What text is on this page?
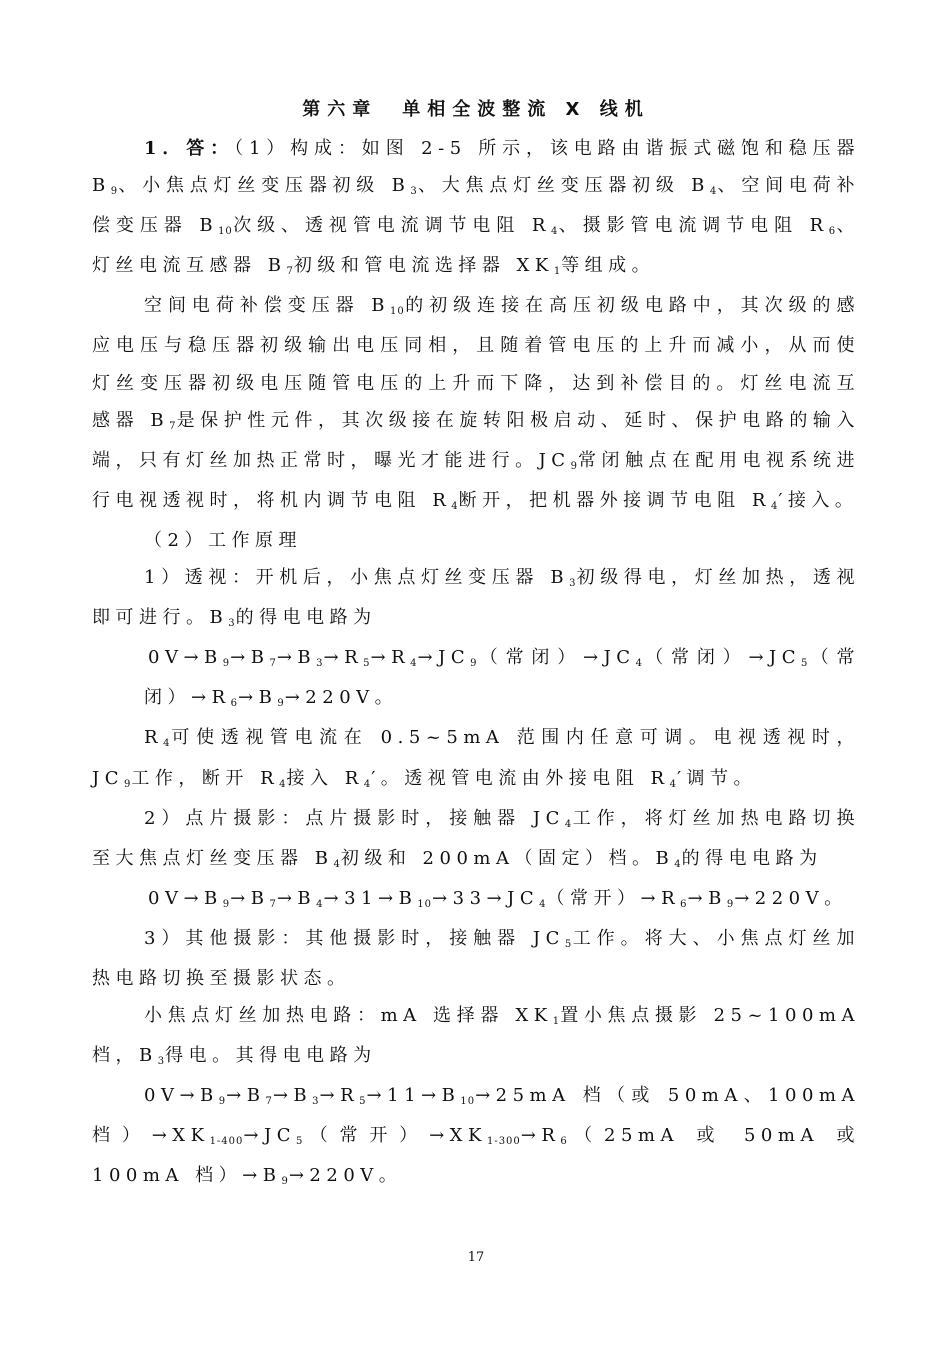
第六章　单相全波整流 X 线机

1．答：（1）构成：如图 2-5 所示，该电路由谐振式磁饱和稳压器 $B_9$、小焦点灯丝变压器初级 $B_3$、大焦点灯丝变压器初级 $B_4$、空间电荷补偿变压器 $B_{10}$次级、透视管电流调节电阻 $R_4$、摄影管电流调节电阻 $R_6$、灯丝电流互感器 $B_7$初级和管电流选择器 $XK_1$等组成。

空间电荷补偿变压器 $B_{10}$的初级连接在高压初级电路中，其次级的感应电压与稳压器初级输出电压同相，且随着管电压的上升而减小，从而使灯丝变压器初级电压随管电压的上升而下降，达到补偿目的。灯丝电流互感器 $B_7$是保护性元件，其次级接在旋转阳极启动、延时、保护电路的输入端，只有灯丝加热正常时，曝光才能进行。$JC_9$常闭触点在配用电视系统进行电视透视时，将机内调节电阻 $R_4$断开，把机器外接调节电阻 $R_4'$接入。

（2）工作原理

1）透视：开机后，小焦点灯丝变压器 $B_3$初级得电，灯丝加热，透视即可进行。$B_3$的得电电路为

$0V\to B_9\to B_7\to B_3\to R_5\to R_4\to JC_9$（常闭）$\to JC_4$（常闭）$\to JC_5$（常闭）$\to R_6\to B_9\to 220V$。

$R_4$可使透视管电流在 0.5~5mA 范围内任意可调。电视透视时，$JC_9$工作，断开 $R_4$接入 $R_4'$。透视管电流由外接电阻 $R_4'$调节。

2）点片摄影：点片摄影时，接触器 $JC_4$工作，将灯丝加热电路切换至大焦点灯丝变压器 $B_4$初级和 200mA（固定）档。$B_4$的得电电路为

$0V\to B_9\to B_7\to B_4\to 31\to B_{10}\to 33\to JC_4$（常开）$\to R_6\to B_9\to 220V$。

3）其他摄影：其他摄影时，接触器 $JC_5$工作。将大、小焦点灯丝加热电路切换至摄影状态。

小焦点灯丝加热电路：mA 选择器 $XK_1$置小焦点摄影 25~100mA 档，$B_3$得电。其得电电路为

$0V\to B_9\to B_7\to B_3\to R_5\to 11\to B_{10}\to 25mA$ 档（或 50mA、100mA 档）$\to XK_{1-400}\to JC_5$（常开）$\to XK_{1-300}\to R_6(25mA$ 或 50mA 或 100mA 档）$\to B_9\to 220V$。

17
